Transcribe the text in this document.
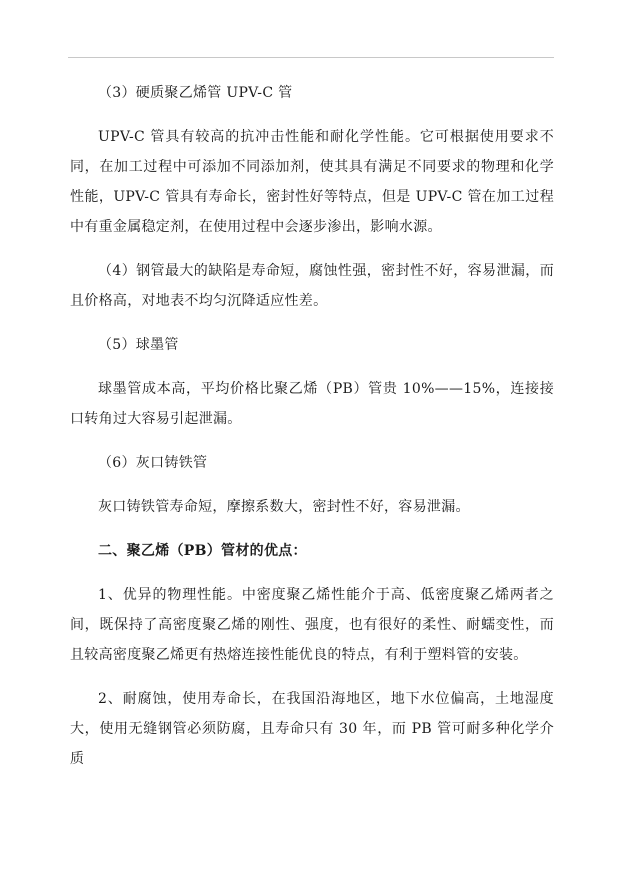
（3）硬质聚乙烯管 UPV-C 管

UPV-C 管具有较高的抗冲击性能和耐化学性能。它可根据使用要求不同，在加工过程中可添加不同添加剂，使其具有满足不同要求的物理和化学性能，UPV-C 管具有寿命长，密封性好等特点，但是 UPV-C 管在加工过程中有重金属稳定剂，在使用过程中会逐步渗出，影响水源。

（4）钢管最大的缺陷是寿命短，腐蚀性强，密封性不好，容易泄漏，而且价格高，对地表不均匀沉降适应性差。

（5）球墨管

球墨管成本高，平均价格比聚乙烯（PB）管贵 10%——15%，连接接口转角过大容易引起泄漏。

（6）灰口铸铁管

灰口铸铁管寿命短，摩擦系数大，密封性不好，容易泄漏。

二、聚乙烯（PB）管材的优点：

1、优异的物理性能。中密度聚乙烯性能介于高、低密度聚乙烯两者之间，既保持了高密度聚乙烯的刚性、强度，也有很好的柔性、耐蠕变性，而且较高密度聚乙烯更有热熔连接性能优良的特点，有利于塑料管的安装。

2、耐腐蚀，使用寿命长，在我国沿海地区，地下水位偏高，土地湿度大，使用无缝钢管必须防腐，且寿命只有 30 年，而 PB 管可耐多种化学介质
